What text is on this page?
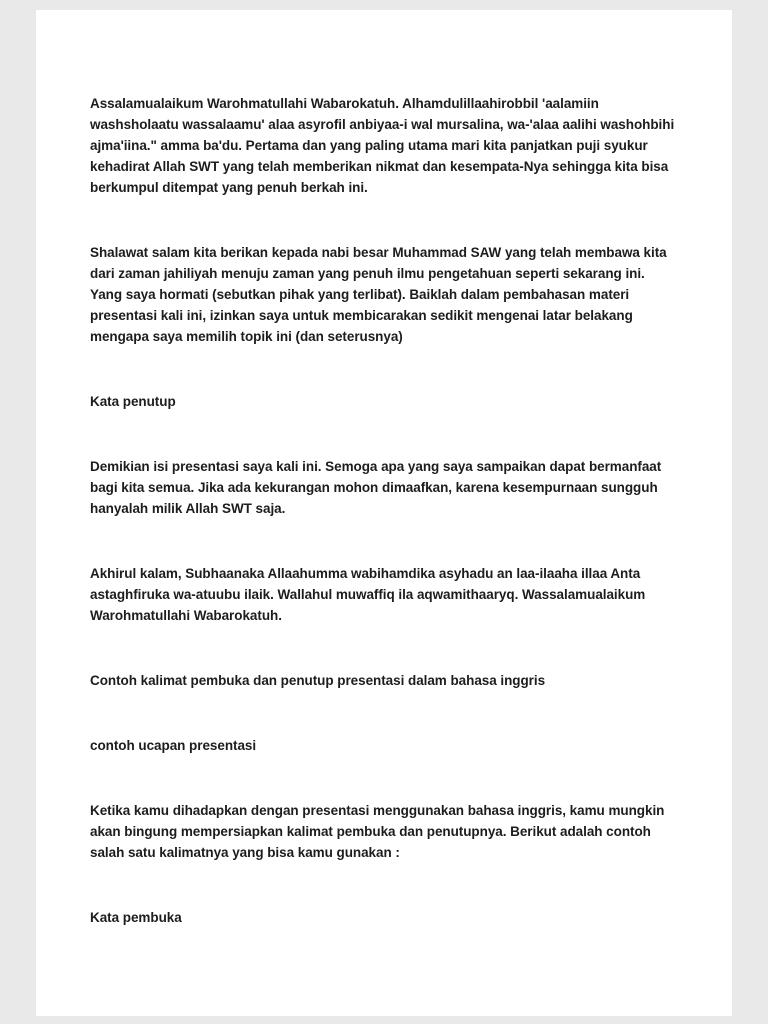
Assalamualaikum Warohmatullahi Wabarokatuh. Alhamdulillaahirobbil 'aalamiin washsholaatu wassalaamu' alaa asyrofil anbiyaa-i wal mursalina, wa-'alaa aalihi washohbihi ajma'iina." amma ba'du. Pertama dan yang paling utama mari kita panjatkan puji syukur kehadirat Allah SWT yang telah memberikan nikmat dan kesempata-Nya sehingga kita bisa berkumpul ditempat yang penuh berkah ini.

Shalawat salam kita berikan kepada nabi besar Muhammad SAW yang telah membawa kita dari zaman jahiliyah menuju zaman yang penuh ilmu pengetahuan seperti sekarang ini. Yang saya hormati (sebutkan pihak yang terlibat). Baiklah dalam pembahasan materi presentasi kali ini, izinkan saya untuk membicarakan sedikit mengenai latar belakang mengapa saya memilih topik ini (dan seterusnya)

Kata penutup

Demikian isi presentasi saya kali ini. Semoga apa yang saya sampaikan dapat bermanfaat bagi kita semua. Jika ada kekurangan mohon dimaafkan, karena kesempurnaan sungguh hanyalah milik Allah SWT saja.

Akhirul kalam, Subhaanaka Allaahumma wabihamdika asyhadu an laa-ilaaha illaa Anta astaghfiruka wa-atuubu ilaik. Wallahul muwaffiq ila aqwamithaaryq. Wassalamualaikum Warohmatullahi Wabarokatuh.

Contoh kalimat pembuka dan penutup presentasi dalam bahasa inggris

contoh ucapan presentasi

Ketika kamu dihadapkan dengan presentasi menggunakan bahasa inggris, kamu mungkin akan bingung mempersiapkan kalimat pembuka dan penutupnya. Berikut adalah contoh salah satu kalimatnya yang bisa kamu gunakan :

Kata pembuka
